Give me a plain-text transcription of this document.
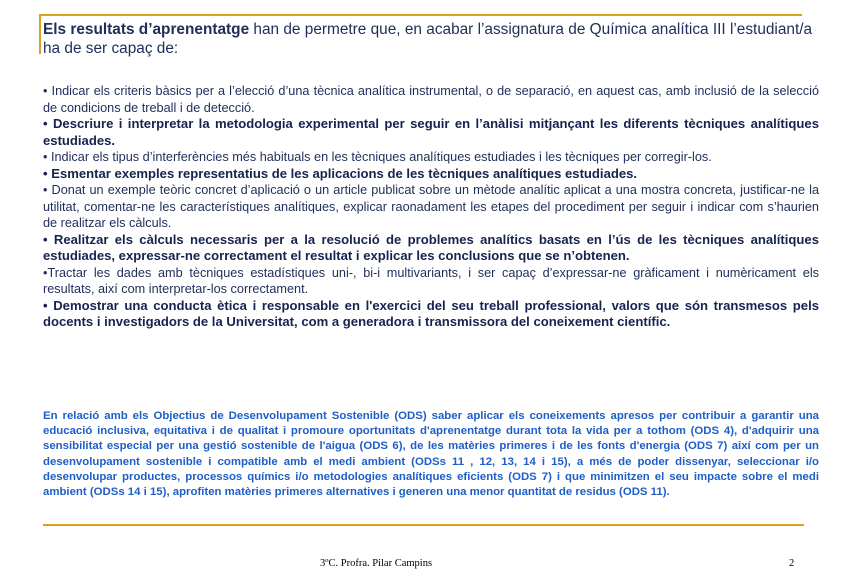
Els resultats d’aprenentatge han de permetre que, en acabar l’assignatura de Química analítica III l’estudiant/a ha de ser capaç de:

• Indicar els criteris bàsics per a l’elecció d’una tècnica analítica instrumental, o de separació, en aquest cas, amb inclusió de la selecció de condicions de treball i de detecció.

• Descriure i interpretar la metodologia experimental per seguir en l’anàlisi mitjançant les diferents tècniques analítiques estudiades.

• Indicar els tipus d’interferències més habituals en les tècniques analítiques estudiades i les tècniques per corregir-los.

• Esmentar exemples representatius de les aplicacions de les tècniques analítiques estudiades.

• Donat un exemple teòric concret d’aplicació o un article publicat sobre un mètode analític aplicat a una mostra concreta, justificar-ne la utilitat, comentar-ne les característiques analítiques, explicar raonadament les etapes del procediment per seguir i indicar com s’haurien de realitzar els càlculs.

• Realitzar els càlculs necessaris per a la resolució de problemes analítics basats en l’ús de les tècniques analítiques estudiades, expressar-ne correctament el resultat i explicar les conclusions que se n’obtenen.

•Tractar les dades amb tècniques estadístiques uni-, bi-i multivariants, i ser capaç d’expressar-ne gràficament i numèricament els resultats, així com interpretar-los correctament.

• Demostrar una conducta ètica i responsable en l'exercici del seu treball professional, valors que són transmesos pels docents i investigadors de la Universitat, com a generadora i transmissora del coneixement científic.

En relació amb els Objectius de Desenvolupament Sostenible (ODS) saber aplicar els coneixements apresos per contribuir a garantir una educació inclusiva, equitativa i de qualitat i promoure oportunitats d'aprenentatge durant tota la vida per a tothom (ODS 4), d'adquirir una sensibilitat especial per una gestió sostenible de l'aigua (ODS 6), de les matèries primeres i de les fonts d'energia (ODS 7) així com per un desenvolupament sostenible i compatible amb el medi ambient (ODSs 11 , 12, 13, 14 i 15), a més de poder dissenyar, seleccionar i/o desenvolupar productes, processos químics i/o metodologies analítiques eficients (ODS 7) i que minimitzen el seu impacte sobre el medi ambient (ODSs 14 i 15), aprofiten matèries primeres alternatives i generen una menor quantitat de residus (ODS 11).

3ºC. Profra. Pilar Campins	2
